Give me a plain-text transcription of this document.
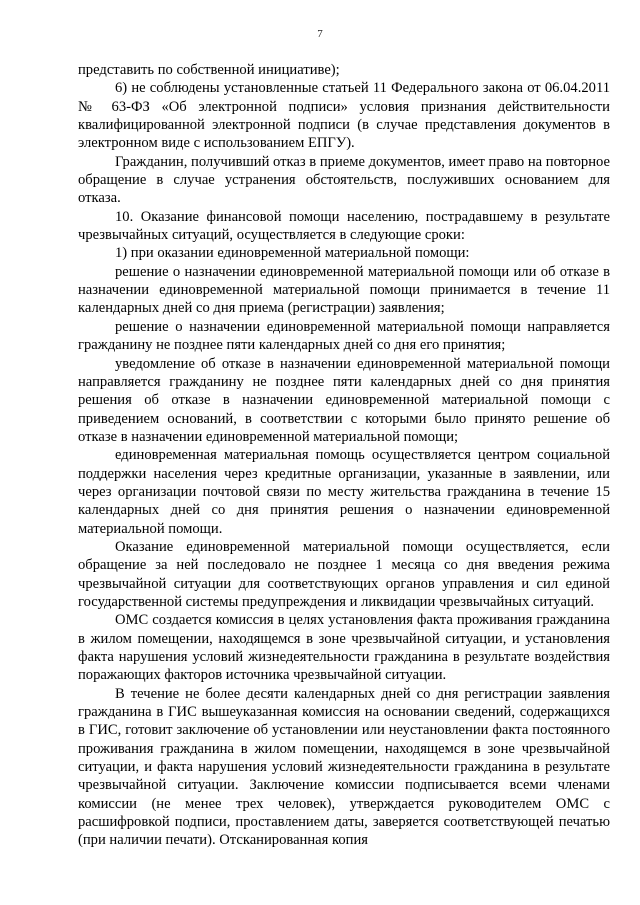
7

представить по собственной инициативе);

6) не соблюдены установленные статьей 11 Федерального закона от 06.04.2011 № 63-ФЗ «Об электронной подписи» условия признания действительности квалифицированной электронной подписи (в случае представления документов в электронном виде с использованием ЕПГУ).

Гражданин, получивший отказ в приеме документов, имеет право на повторное обращение в случае устранения обстоятельств, послуживших основанием для отказа.

10. Оказание финансовой помощи населению, пострадавшему в результате чрезвычайных ситуаций, осуществляется в следующие сроки:

1) при оказании единовременной материальной помощи:

решение о назначении единовременной материальной помощи или об отказе в назначении единовременной материальной помощи принимается в течение 11 календарных дней со дня приема (регистрации) заявления;

решение о назначении единовременной материальной помощи направляется гражданину не позднее пяти календарных дней со дня его принятия;

уведомление об отказе в назначении единовременной материальной помощи направляется гражданину не позднее пяти календарных дней со дня принятия решения об отказе в назначении единовременной материальной помощи с приведением оснований, в соответствии с которыми было принято решение об отказе в назначении единовременной материальной помощи;

единовременная материальная помощь осуществляется центром социальной поддержки населения через кредитные организации, указанные в заявлении, или через организации почтовой связи по месту жительства гражданина в течение 15 календарных дней со дня принятия решения о назначении единовременной материальной помощи.

Оказание единовременной материальной помощи осуществляется, если обращение за ней последовало не позднее 1 месяца со дня введения режима чрезвычайной ситуации для соответствующих органов управления и сил единой государственной системы предупреждения и ликвидации чрезвычайных ситуаций.

ОМС создается комиссия в целях установления факта проживания гражданина в жилом помещении, находящемся в зоне чрезвычайной ситуации, и установления факта нарушения условий жизнедеятельности гражданина в результате воздействия поражающих факторов источника чрезвычайной ситуации.

В течение не более десяти календарных дней со дня регистрации заявления гражданина в ГИС вышеуказанная комиссия на основании сведений, содержащихся в ГИС, готовит заключение об установлении или неустановлении факта постоянного проживания гражданина в жилом помещении, находящемся в зоне чрезвычайной ситуации, и факта нарушения условий жизнедеятельности гражданина в результате чрезвычайной ситуации. Заключение комиссии подписывается всеми членами комиссии (не менее трех человек), утверждается руководителем ОМС с расшифровкой подписи, проставлением даты, заверяется соответствующей печатью (при наличии печати). Отсканированная копия
